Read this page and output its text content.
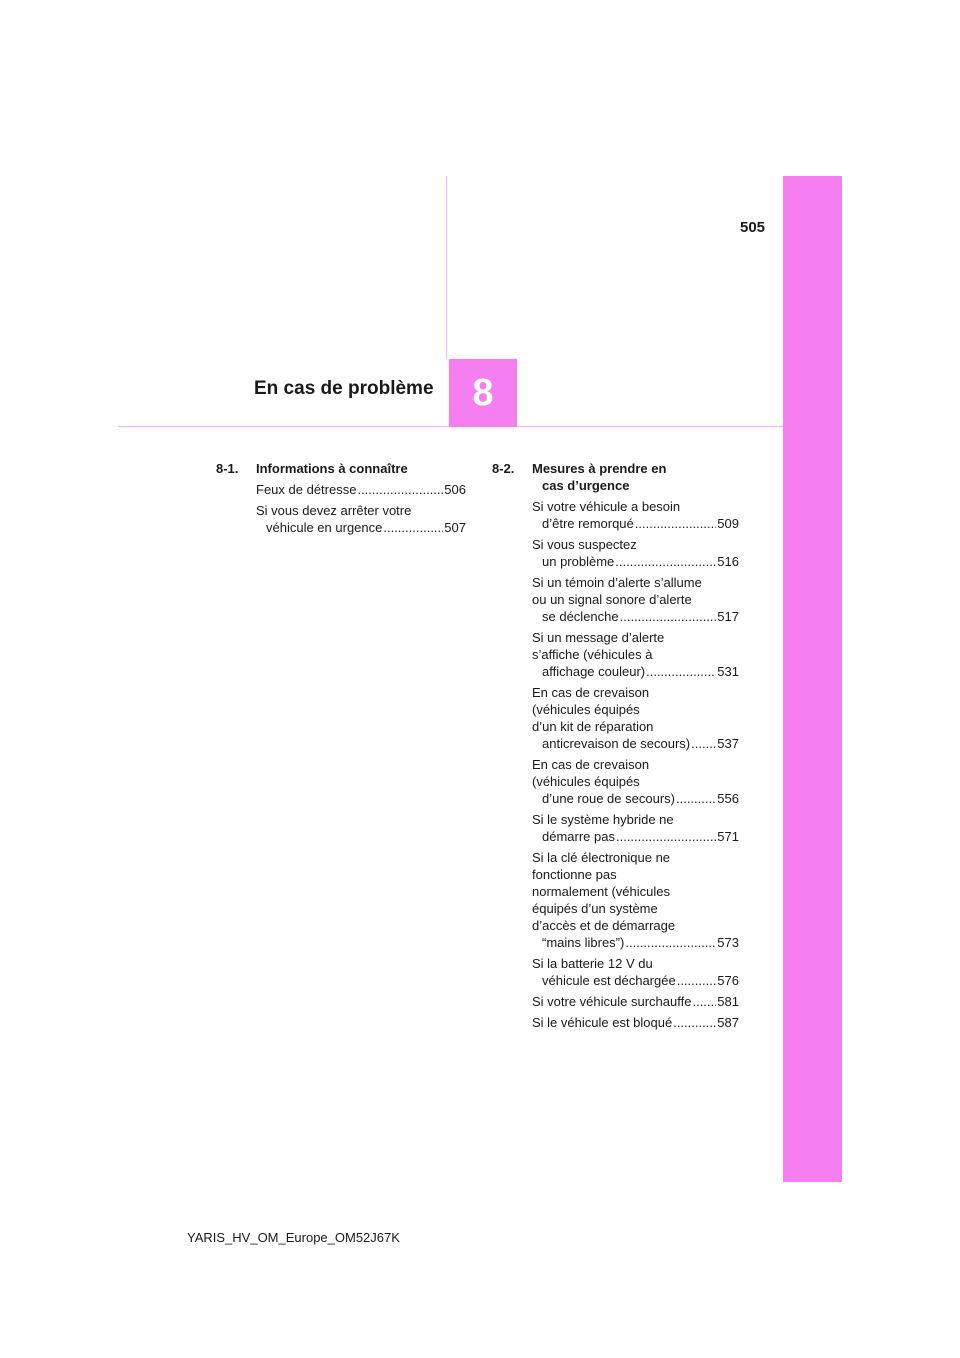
505
En cas de problème 8
8-1.	Informations à connaître
Feux de détresse .....	506
Si vous devez arrêter votre
véhicule en urgence .....	507
8-2.	Mesures à prendre en
cas d’urgence
Si votre véhicule a besoin
d’être remorqué .....	509
Si vous suspectez
un problème .....	516
Si un témoin d’alerte s’allume
ou un signal sonore d’alerte
se déclenche .....	517
Si un message d’alerte
s’affiche (véhicules à
affichage couleur) .....	531
En cas de crevaison
(véhicules équipés
d’un kit de réparation
anticrevaison de secours) ..... 537
En cas de crevaison
(véhicules équipés
d’une roue de secours) .....	556
Si le système hybride ne
démarre pas .....	571
Si la clé électronique ne
fonctionne pas
normalement (véhicules
équipés d’un système
d’accès et de démarrage
“mains libres”) .....	573
Si la batterie 12 V du
véhicule est déchargée .....	576
Si votre véhicule surchauffe ..... 581
Si le véhicule est bloqué .....	587
YARIS_HV_OM_Europe_OM52J67K
